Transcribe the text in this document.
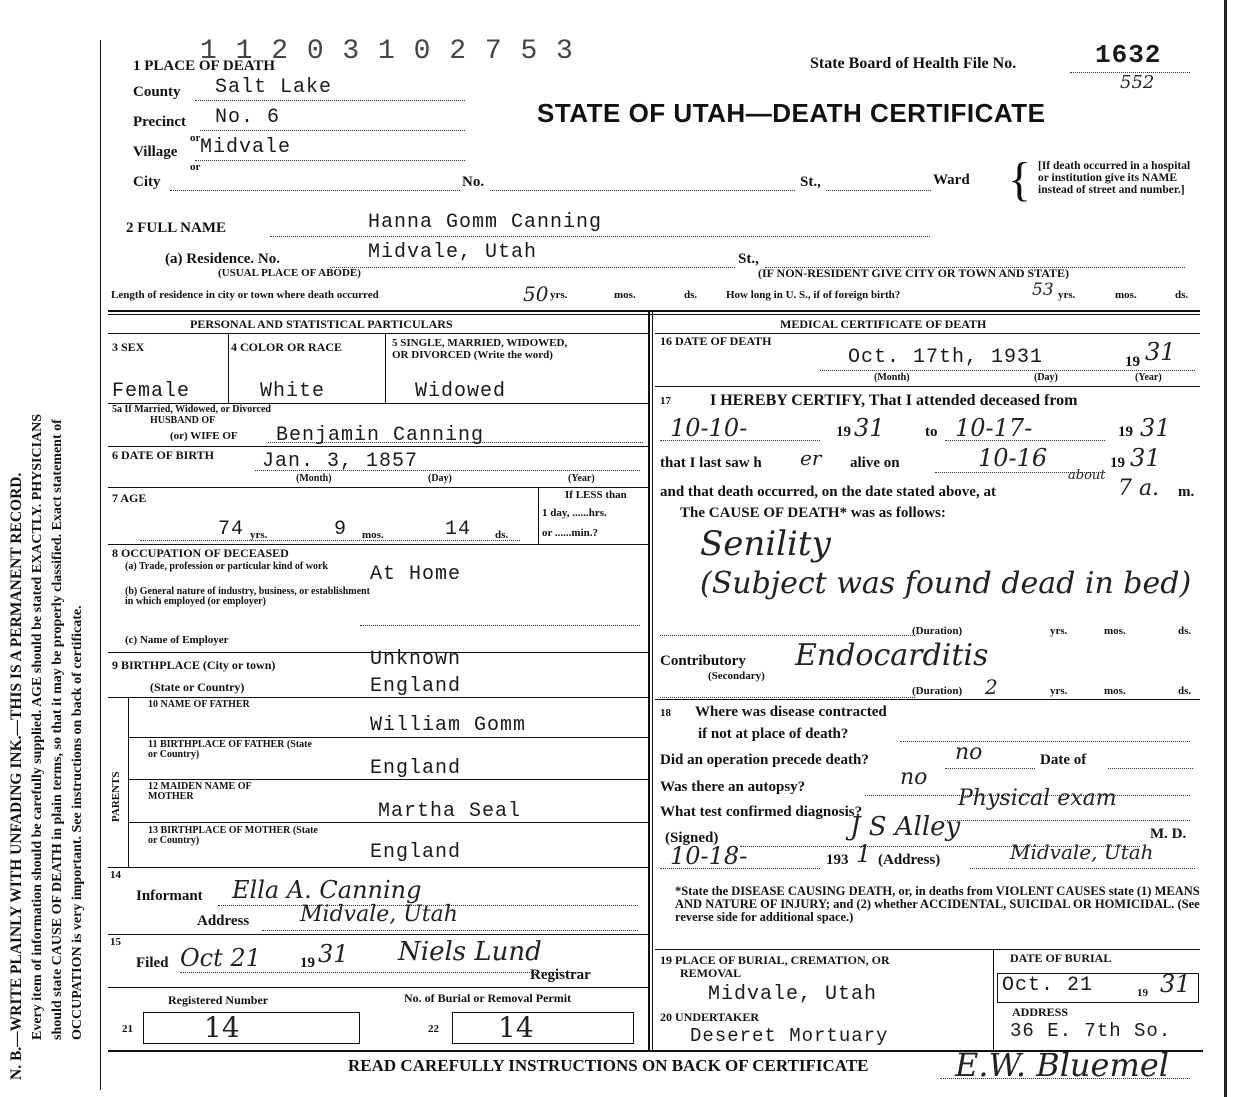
N. B.—WRITE PLAINLY WITH UNFADING INK.—THIS IS A PERMANENT RECORD. Every item of information should be carefully supplied. AGE should be stated EXACTLY. PHYSICIANS should state CAUSE OF DEATH in plain terms, so that it may be properly classified. Exact statement of OCCUPATION is very important. See instructions on back of certificate.
1 1 2 0 3 1 0 2 7 5 3	State Board of Health File No.	1632
552
STATE OF UTAH—DEATH CERTIFICATE
1 PLACE OF DEATH
County Salt Lake
Precinct No. 6
or
Village Midvale
or
City	No.	St.,	Ward { [If death occurred in a hospital or institution give its NAME instead of street and number.]
2 FULL NAME	Hanna Gomm Canning
(a) Residence. No.	Midvale, Utah	St.,
(USUAL PLACE OF ABODE)	(IF NON-RESIDENT GIVE CITY OR TOWN AND STATE)
Length of residence in city or town where death occurred	50 yrs.	mos.	ds.	How long in U. S., if of foreign birth?	53 yrs.	mos.	ds.
PERSONAL AND STATISTICAL PARTICULARS
3 SEX	4 COLOR OR RACE	5 SINGLE, MARRIED, WIDOWED,
OR DIVORCED (Write the word)
Female	White	Widowed
5a If Married, Widowed, or Divorced
HUSBAND OF
(or) WIFE OF Benjamin Canning
6 DATE OF BIRTH Jan. 3, 1857
(Month)	(Day)	(Year)
7 AGE
74 yrs.	9 mos.	14 ds.
If LESS than
1 day, ......hrs.
or ......min.?
8 OCCUPATION OF DECEASED
(a) Trade, profession or particular kind of work	At Home
(b) General nature of industry, business, or establishment in which employed (or employer)
(c) Name of Employer
9 BIRTHPLACE (City or town)	Unknown
(State or Country)	England
PARENTS
10 NAME OF FATHER
William Gomm
11 BIRTHPLACE OF FATHER (State or Country)
England
12 MAIDEN NAME OF MOTHER
Martha Seal
13 BIRTHPLACE OF MOTHER (State or Country)
England
14
Informant Ella A. Canning
Address Midvale, Utah
15
Filed Oct 21	19 31 Niels Lund
Registrar
Registered Number	No. of Burial or Removal Permit
21	14	22 14
MEDICAL CERTIFICATE OF DEATH
16 DATE OF DEATH
Oct. 17th, 1931	19 31
(Month)	(Day)	(Year)
17 I HEREBY CERTIFY, That I attended deceased from
10-10-	19 31	to 10-17-	19 31
that I last saw h er alive on	10-16	19 31
and that death occurred, on the date stated above, at
about
7 a. m.
The CAUSE OF DEATH* was as follows:
Senility
(Subject was found dead in bed)
(Duration)	yrs.	mos.	ds.
Contributory Endocarditis
(Secondary)
(Duration) 2	yrs.	mos.	ds.
18 Where was disease contracted
if not at place of death?
Did an operation precede death?	no	Date of
Was there an autopsy?	no
What test confirmed diagnosis?
Physical exam
(Signed)	J S Alley	M. D.
10-18-	193 1 (Address)	Midvale, Utah
*State the DISEASE CAUSING DEATH, or, in deaths from VIOLENT CAUSES state (1) MEANS AND NATURE OF INJURY; and (2) whether ACCIDENTAL, SUICIDAL OR HOMICIDAL. (See reverse side for additional space.)
19 PLACE OF BURIAL, CREMATION, OR
REMOVAL
Midvale, Utah
DATE OF BURIAL
Oct. 21	19 31
20 UNDERTAKER
Deseret Mortuary
ADDRESS
36 E. 7th So.
READ CAREFULLY INSTRUCTIONS ON BACK OF CERTIFICATE	E.W. Bluemel
